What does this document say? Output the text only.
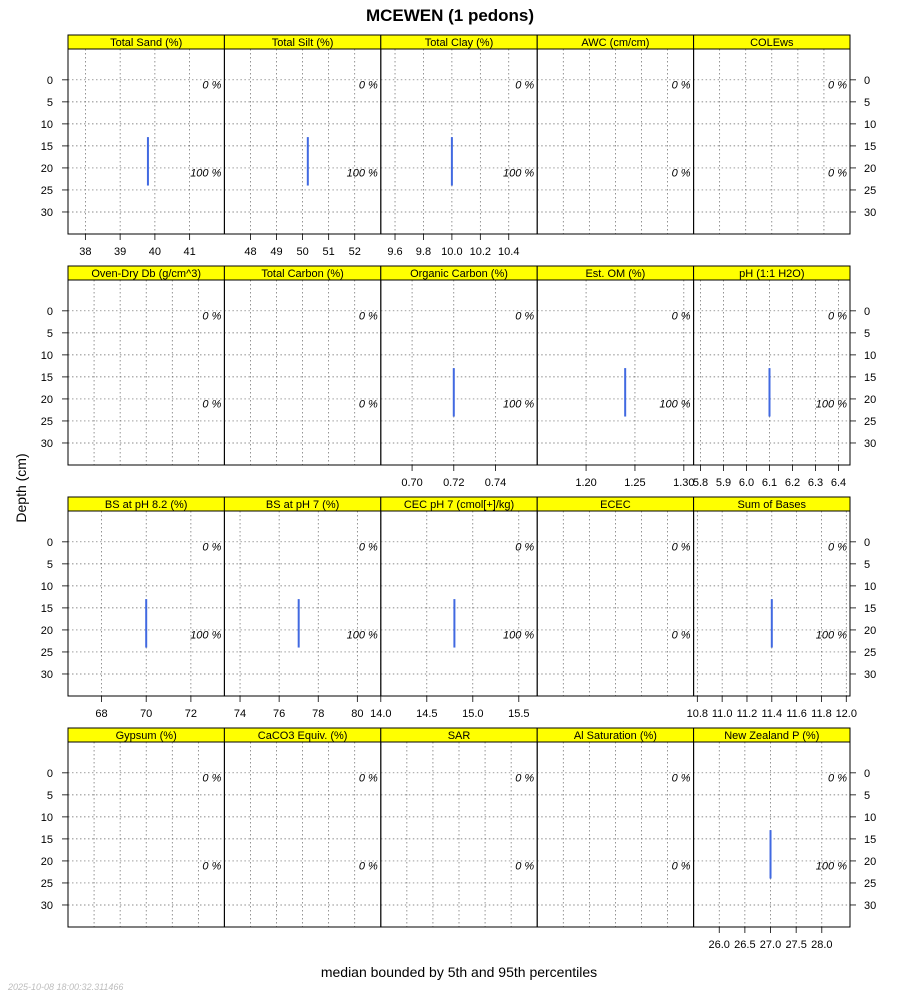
MCEWEN (1 pedons)
Depth (cm)
median bounded by 5th and 95th percentiles
2025-10-08 18:00:32.311466
0	0
5	5
10	10
15	15
20	20
25	25
30	30
Total Sand (%)
0 %
100 %
38 39 40 41
Total Silt (%)
0 %
100 %
48 49 50 51 52
Total Clay (%)
0 %
100 %
9.6 9.8 10.0 10.2 10.4
AWC (cm/cm)
0 %
0 %
COLEws
0 %
0 %
0	0
5	5
10	10
15	15
20	20
25	25
30	30
Oven-Dry Db (g/cm^3)
0 %
0 %
Total Carbon (%)
0 %
0 %
Organic Carbon (%)
0 %
100 %
0.70 0.72 0.74
Est. OM (%)
0 %
100 %
1.20 1.25 1.30
pH (1:1 H2O)
0 %
100 %
5.8 5.9 6.0 6.1 6.2 6.3 6.4
0	0
5	5
10	10
15	15
20	20
25	25
30	30
BS at pH 8.2 (%)
0 %
100 %
68	70	72
BS at pH 7 (%)
0 %
100 %
74 76 78 80
CEC pH 7 (cmol[+]/kg)
0 %
100 %
14.0 14.5 15.0 15.5
ECEC
0 %
0 %
Sum of Bases
0 %
100 %
10.8 11.0 11.2 11.4 11.6 11.8 12.0
0	0
5	5
10	10
15	15
20	20
25	25
30	30
Gypsum (%)
0 %
0 %
CaCO3 Equiv. (%)
0 %
0 %
SAR
0 %
0 %
Al Saturation (%)
0 %
0 %
New Zealand P (%)
0 %
100 %
26.0 26.5 27.0 27.5 28.0
